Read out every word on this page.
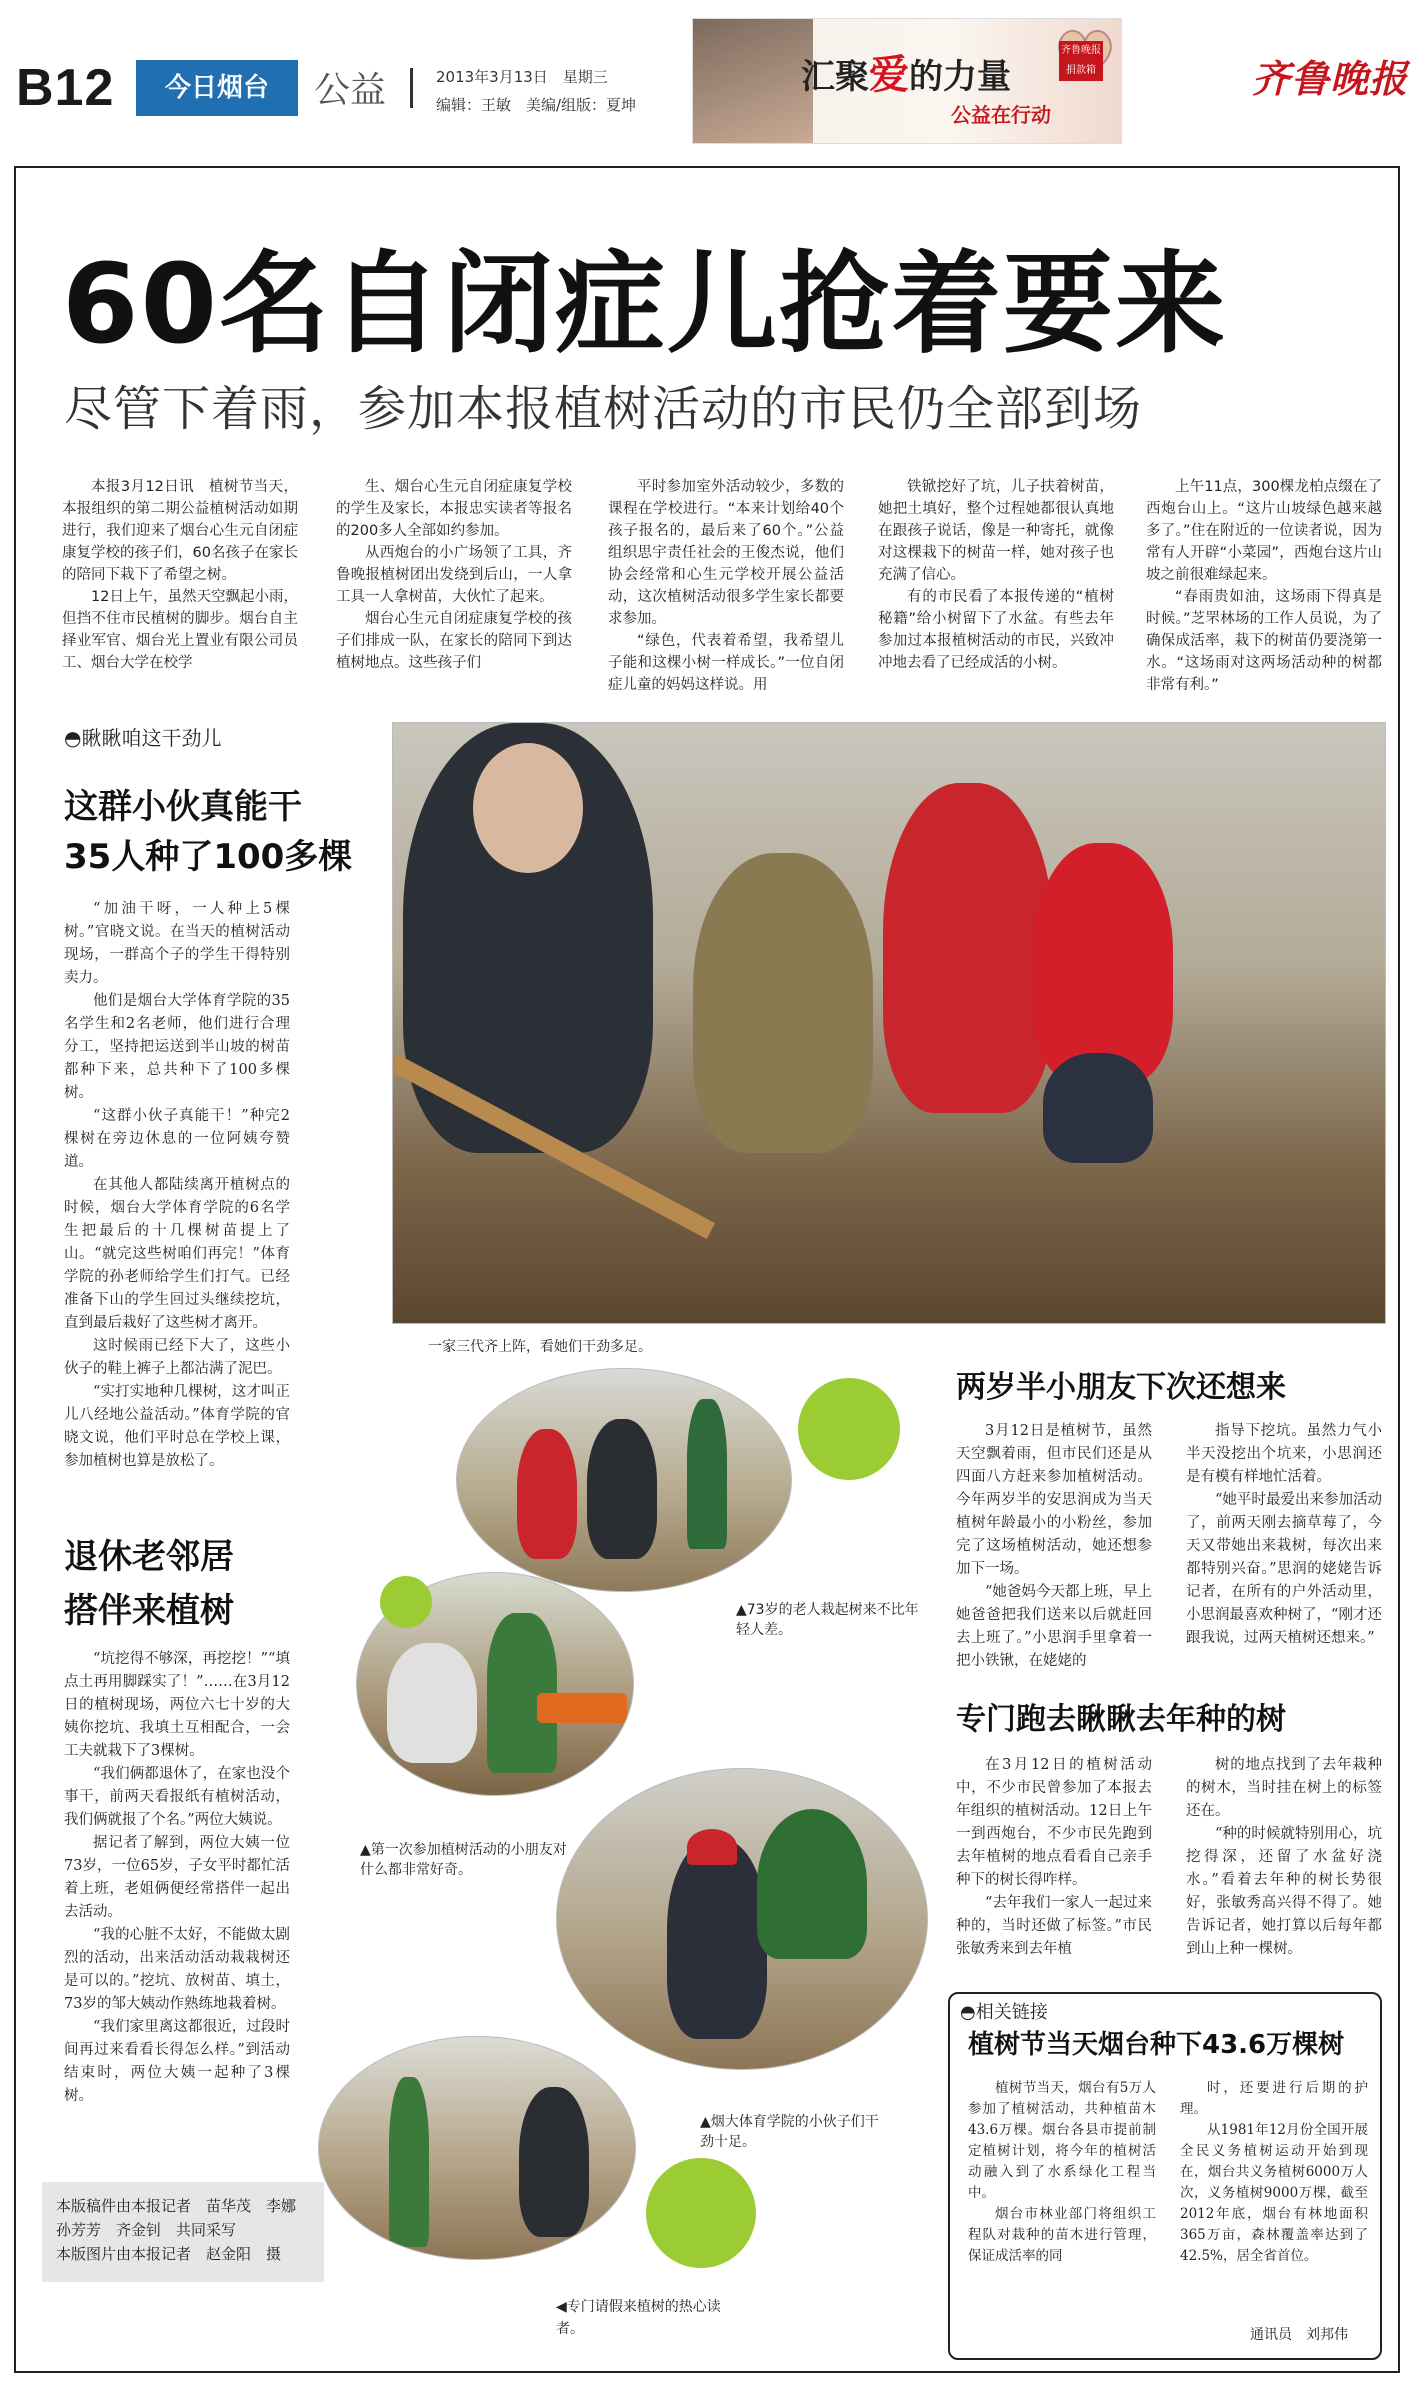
B12	今日烟台	公益	2013年3月13日　星期三
编辑：王敏　美编/组版：夏坤
汇聚爱的力量
公益在行动
齐鲁晚报 捐款箱	齐鲁晚报
60名自闭症儿抢着要来
尽管下着雨，参加本报植树活动的市民仍全部到场

本报3月12日讯　植树节当天，本报组织的第二期公益植树活动如期进行，我们迎来了烟台心生元自闭症康复学校的孩子们，60名孩子在家长的陪同下栽下了希望之树。

12日上午，虽然天空飘起小雨，但挡不住市民植树的脚步。烟台自主择业军官、烟台光上置业有限公司员工、烟台大学在校学

生、烟台心生元自闭症康复学校的学生及家长，本报忠实读者等报名的200多人全部如约参加。

从西炮台的小广场领了工具，齐鲁晚报植树团出发绕到后山，一人拿工具一人拿树苗，大伙忙了起来。

烟台心生元自闭症康复学校的孩子们排成一队，在家长的陪同下到达植树地点。这些孩子们

平时参加室外活动较少，多数的课程在学校进行。“本来计划给40个孩子报名的，最后来了60个。”公益组织思宇责任社会的王俊杰说，他们协会经常和心生元学校开展公益活动，这次植树活动很多学生家长都要求参加。

“绿色，代表着希望，我希望儿子能和这棵小树一样成长。”一位自闭症儿童的妈妈这样说。用

铁锨挖好了坑，儿子扶着树苗，她把土填好，整个过程她都很认真地在跟孩子说话，像是一种寄托，就像对这棵栽下的树苗一样，她对孩子也充满了信心。

有的市民看了本报传递的“植树秘籍”给小树留下了水盆。有些去年参加过本报植树活动的市民，兴致冲冲地去看了已经成活的小树。

上午11点，300棵龙柏点缀在了西炮台山上。“这片山坡绿色越来越多了。”住在附近的一位读者说，因为常有人开辟“小菜园”，西炮台这片山坡之前很难绿起来。

“春雨贵如油，这场雨下得真是时候。”芝罘林场的工作人员说，为了确保成活率，栽下的树苗仍要浇第一水。“这场雨对这两场活动种的树都非常有利。”

◓瞅瞅咱这干劲儿
这群小伙真能干
35人种了100多棵

“加油干呀，一人种上5棵树。”官晓文说。在当天的植树活动现场，一群高个子的学生干得特别卖力。

他们是烟台大学体育学院的35名学生和2名老师，他们进行合理分工，坚持把运送到半山坡的树苗都种下来，总共种下了100多棵树。

“这群小伙子真能干！”种完2棵树在旁边休息的一位阿姨夸赞道。

在其他人都陆续离开植树点的时候，烟台大学体育学院的6名学生把最后的十几棵树苗提上了山。“就完这些树咱们再完！”体育学院的孙老师给学生们打气。已经准备下山的学生回过头继续挖坑，直到最后栽好了这些树才离开。

这时候雨已经下大了，这些小伙子的鞋上裤子上都沾满了泥巴。

“实打实地种几棵树，这才叫正儿八经地公益活动。”体育学院的官晓文说，他们平时总在学校上课，参加植树也算是放松了。

退休老邻居
搭伴来植树

“坑挖得不够深，再挖挖！”“填点土再用脚踩实了！”……在3月12日的植树现场，两位六七十岁的大姨你挖坑、我填土互相配合，一会工夫就栽下了3棵树。

“我们俩都退休了，在家也没个事干，前两天看报纸有植树活动，我们俩就报了个名。”两位大姨说。

据记者了解到，两位大姨一位73岁，一位65岁，子女平时都忙活着上班，老姐俩便经常搭伴一起出去活动。

“我的心脏不太好，不能做太剧烈的活动，出来活动活动栽栽树还是可以的。”挖坑、放树苗、填土，73岁的邹大姨动作熟练地栽着树。

“我们家里离这都很近，过段时间再过来看看长得怎么样。”到活动结束时，两位大姨一起种了3棵树。

本版稿件由本报记者　苗华茂　李娜　孙芳芳　齐金钊　共同采写
本版图片由本报记者　赵金阳　摄
一家三代齐上阵，看她们干劲多足。
▲73岁的老人栽起树来不比年轻人差。
▲第一次参加植树活动的小朋友对什么都非常好奇。
▲烟大体育学院的小伙子们干劲十足。
◀专门请假来植树的热心读者。
两岁半小朋友下次还想来

3月12日是植树节，虽然天空飘着雨，但市民们还是从四面八方赶来参加植树活动。今年两岁半的安思润成为当天植树年龄最小的小粉丝，参加完了这场植树活动，她还想参加下一场。

“她爸妈今天都上班，早上她爸爸把我们送来以后就赶回去上班了。”小思润手里拿着一把小铁锹，在姥姥的

指导下挖坑。虽然力气小半天没挖出个坑来，小思润还是有模有样地忙活着。

“她平时最爱出来参加活动了，前两天刚去摘草莓了，今天又带她出来栽树，每次出来都特别兴奋。”思润的姥姥告诉记者，在所有的户外活动里，小思润最喜欢种树了，“刚才还跟我说，过两天植树还想来。”

专门跑去瞅瞅去年种的树

在3月12日的植树活动中，不少市民曾参加了本报去年组织的植树活动。12日上午一到西炮台，不少市民先跑到去年植树的地点看看自己亲手种下的树长得咋样。

“去年我们一家人一起过来种的，当时还做了标签。”市民张敏秀来到去年植

树的地点找到了去年栽种的树木，当时挂在树上的标签还在。

“种的时候就特别用心，坑挖得深，还留了水盆好浇水。”看着去年种的树长势很好，张敏秀高兴得不得了。她告诉记者，她打算以后每年都到山上种一棵树。

◓相关链接
植树节当天烟台种下43.6万棵树

植树节当天，烟台有5万人参加了植树活动，共种植苗木43.6万棵。烟台各县市提前制定植树计划，将今年的植树活动融入到了水系绿化工程当中。

烟台市林业部门将组织工程队对栽种的苗木进行管理，保证成活率的同

时，还要进行后期的护理。

从1981年12月份全国开展全民义务植树运动开始到现在，烟台共义务植树6000万人次，义务植树9000万棵，截至2012年底，烟台有林地面积365万亩，森林覆盖率达到了42.5%，居全省首位。

通讯员　刘邦伟
